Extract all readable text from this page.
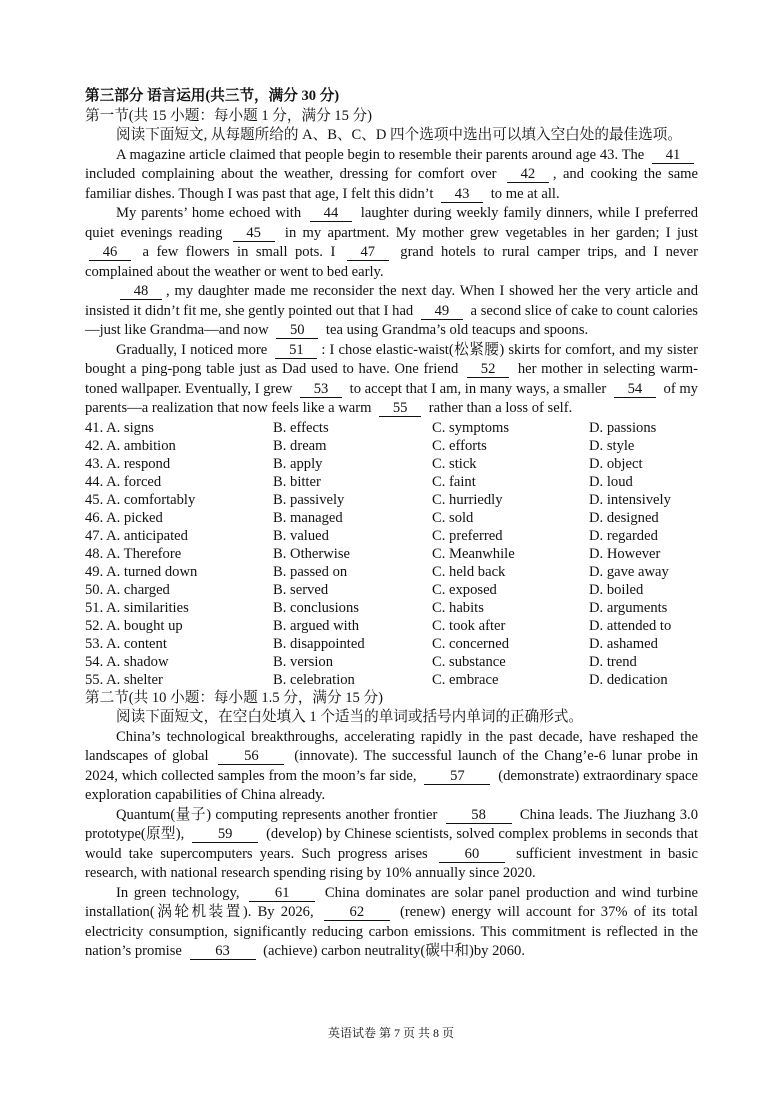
第三部分 语言运用(共三节，满分 30 分)
第一节(共 15 小题：每小题 1 分，满分 15 分)

阅读下面短文, 从每题所给的 A、B、C、D 四个选项中选出可以填入空白处的最佳选项。

A magazine article claimed that people begin to resemble their parents around age 43. The 41 included complaining about the weather, dressing for comfort over 42 , and cooking the same familiar dishes. Though I was past that age, I felt this didn’t 43 to me at all.

My parents’ home echoed with 44 laughter during weekly family dinners, while I preferred quiet evenings reading 45 in my apartment. My mother grew vegetables in her garden; I just 46 a few flowers in small pots. I 47 grand hotels to rural camper trips, and I never complained about the weather or went to bed early.

48 , my daughter made me reconsider the next day. When I showed her the very article and insisted it didn’t fit me, she gently pointed out that I had 49 a second slice of cake to count calories—just like Grandma—and now 50 tea using Grandma’s old teacups and spoons.

Gradually, I noticed more 51 : I chose elastic-waist(松紧腰) skirts for comfort, and my sister bought a ping-pong table just as Dad used to have. One friend 52 her mother in selecting warm-toned wallpaper. Eventually, I grew 53 to accept that I am, in many ways, a smaller 54 of my parents—a realization that now feels like a warm 55 rather than a loss of self.

41. A. signs	B. effects	C. symptoms	D. passions
42. A. ambition	B. dream	C. efforts	D. style
43. A. respond	B. apply	C. stick	D. object
44. A. forced	B. bitter	C. faint	D. loud
45. A. comfortably	B. passively	C. hurriedly	D. intensively
46. A. picked	B. managed	C. sold	D. designed
47. A. anticipated	B. valued	C. preferred	D. regarded
48. A. Therefore	B. Otherwise	C. Meanwhile	D. However
49. A. turned down	B. passed on	C. held back	D. gave away
50. A. charged	B. served	C. exposed	D. boiled
51. A. similarities	B. conclusions	C. habits	D. arguments
52. A. bought up	B. argued with	C. took after	D. attended to
53. A. content	B. disappointed	C. concerned	D. ashamed
54. A. shadow	B. version	C. substance	D. trend
55. A. shelter	B. celebration	C. embrace	D. dedication
第二节(共 10 小题：每小题 1.5 分，满分 15 分)

阅读下面短文，在空白处填入 1 个适当的单词或括号内单词的正确形式。

China’s technological breakthroughs, accelerating rapidly in the past decade, have reshaped the landscapes of global 56 (innovate). The successful launch of the Chang’e-6 lunar probe in 2024, which collected samples from the moon’s far side, 57 (demonstrate) extraordinary space exploration capabilities of China already.

Quantum(量子) computing represents another frontier 58 China leads. The Jiuzhang 3.0 prototype(原型), 59 (develop) by Chinese scientists, solved complex problems in seconds that would take supercomputers years. Such progress arises 60 sufficient investment in basic research, with national research spending rising by 10% annually since 2020.

In green technology, 61 China dominates are solar panel production and wind turbine installation(涡轮机装置). By 2026, 62 (renew) energy will account for 37% of its total electricity consumption, significantly reducing carbon emissions. This commitment is reflected in the nation’s promise 63 (achieve) carbon neutrality(碳中和)by 2060.

英语试卷 第 7 页 共 8 页
